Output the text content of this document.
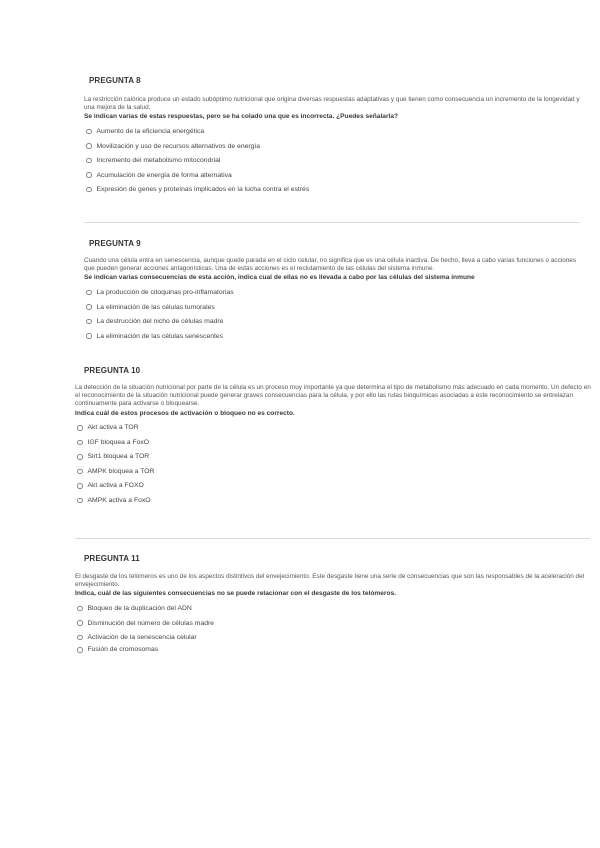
PREGUNTA 8

La restricción calórica produce un estado subóptimo nutricional que origina diversas respuestas adaptativas y que tienen como consecuencia un incremento de la longevidad y una mejora de la salud.

Se indican varias de estas respuestas, pero se ha colado una que es incorrecta. ¿Puedes señalarla?

Aumento de la eficiencia energética
Movilización y uso de recursos alternativos de energía
Incremento del metabolismo mitocondrial
Acumulación de energía de forma alternativa
Expresión de genes y proteínas implicados en la lucha contra el estrés
PREGUNTA 9

Cuando una célula entra en senescencia, aunque quede parada en el ciclo celular, no significa que es una célula inactiva. De hecho, lleva a cabo varias funciones o acciones que pueden generar acciones antagonísticas. Una de estas acciones es el reclutamiento de las células del sistema inmune.

Se indican varias consecuencias de esta acción, indica cual de ellas no es llevada a cabo por las células del sistema inmune

La producción de citoquinas pro-inflamatorias
La eliminación de las células tumorales
La destrucción del nicho de células madre
La eliminación de las células senescentes
PREGUNTA 10

La detección de la situación nutricional por parte de la célula es un proceso muy importante ya que determina el tipo de metabolismo más adecuado en cada momento. Un defecto en el reconocimiento de la situación nutricional puede generar graves consecuencias para la célula, y por ello las rutas bioquímicas asociadas a este reconocimiento se entrelazan continuamente para activarse o bloquearse.

Indica cuál de estos procesos de activación o bloqueo no es correcto.

Akt activa a TOR
IGF bloquea a FoxO
Sirt1 bloquea a TOR
AMPK bloquea a TOR
Akt activa a FOXO
AMPK activa a FoxO
PREGUNTA 11

El desgaste de los telómeros es uno de los aspectos distintivos del envejecimiento. Este desgaste tiene una serie de consecuencias que son las responsables de la aceleración del envejecimiento.

Indica, cuál de las siguientes consecuencias no se puede relacionar con el desgaste de los telómeros.

Bloqueo de la duplicación del ADN
Disminución del número de células madre
Activación de la senescencia celular
Fusión de cromosomas
